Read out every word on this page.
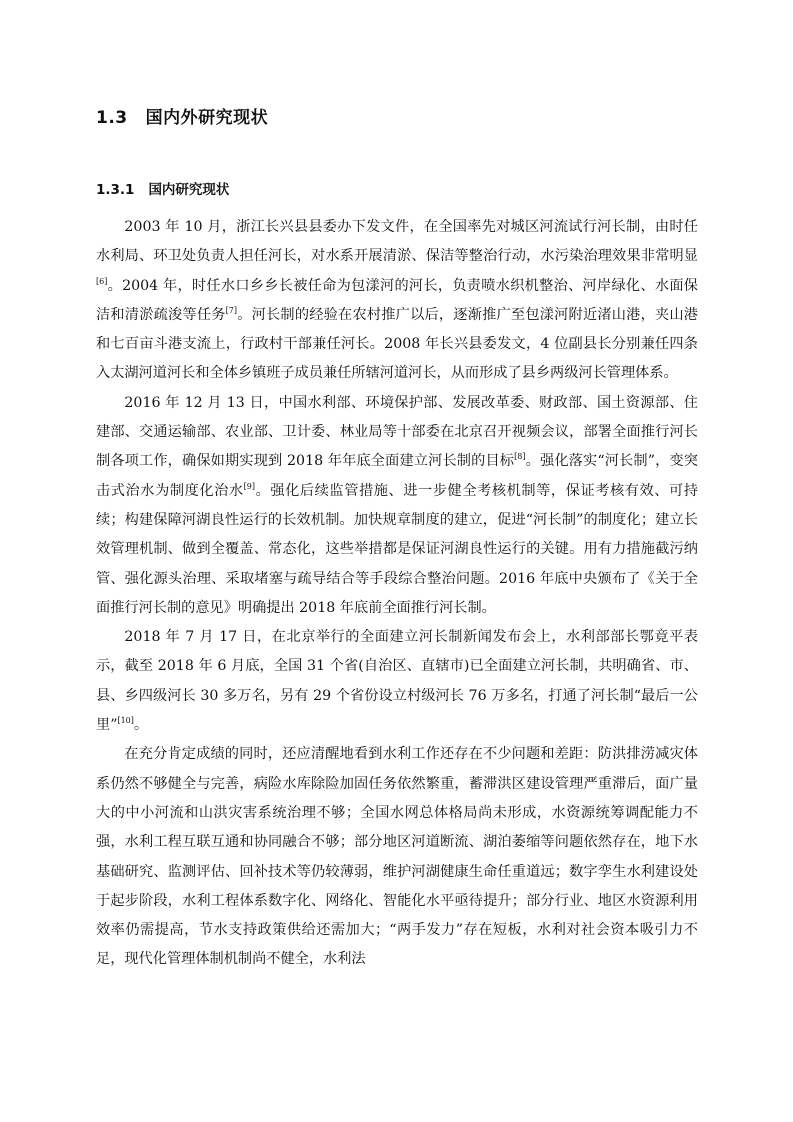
1.3 国内外研究现状
1.3.1 国内研究现状

2003 年 10 月，浙江长兴县县委办下发文件，在全国率先对城区河流试行河长制，由时任水利局、环卫处负责人担任河长，对水系开展清淤、保洁等整治行动，水污染治理效果非常明显[6]。2004 年，时任水口乡乡长被任命为包漾河的河长，负责喷水织机整治、河岸绿化、水面保洁和清淤疏浚等任务[7]。河长制的经验在农村推广以后，逐渐推广至包漾河附近渚山港，夹山港和七百亩斗港支流上，行政村干部兼任河长。2008 年长兴县委发文，4 位副县长分别兼任四条入太湖河道河长和全体乡镇班子成员兼任所辖河道河长，从而形成了县乡两级河长管理体系。

2016 年 12 月 13 日，中国水利部、环境保护部、发展改革委、财政部、国土资源部、住建部、交通运输部、农业部、卫计委、林业局等十部委在北京召开视频会议，部署全面推行河长制各项工作，确保如期实现到 2018 年年底全面建立河长制的目标[8]。强化落实“河长制”，变突击式治水为制度化治水[9]。强化后续监管措施、进一步健全考核机制等，保证考核有效、可持续；构建保障河湖良性运行的长效机制。加快规章制度的建立，促进“河长制”的制度化；建立长效管理机制、做到全覆盖、常态化，这些举措都是保证河湖良性运行的关键。用有力措施截污纳管、强化源头治理、采取堵塞与疏导结合等手段综合整治问题。2016 年底中央颁布了《关于全面推行河长制的意见》明确提出 2018 年底前全面推行河长制。

2018 年 7 月 17 日，在北京举行的全面建立河长制新闻发布会上，水利部部长鄂竟平表示，截至 2018 年 6 月底，全国 31 个省(自治区、直辖市)已全面建立河长制，共明确省、市、县、乡四级河长 30 多万名，另有 29 个省份设立村级河长 76 万多名，打通了河长制“最后一公里”[10]。

在充分肯定成绩的同时，还应清醒地看到水利工作还存在不少问题和差距：防洪排涝减灾体系仍然不够健全与完善，病险水库除险加固任务依然繁重，蓄滞洪区建设管理严重滞后，面广量大的中小河流和山洪灾害系统治理不够；全国水网总体格局尚未形成，水资源统筹调配能力不强，水利工程互联互通和协同融合不够；部分地区河道断流、湖泊萎缩等问题依然存在，地下水基础研究、监测评估、回补技术等仍较薄弱，维护河湖健康生命任重道远；数字孪生水利建设处于起步阶段，水利工程体系数字化、网络化、智能化水平亟待提升；部分行业、地区水资源利用效率仍需提高，节水支持政策供给还需加大；“两手发力”存在短板，水利对社会资本吸引力不足，现代化管理体制机制尚不健全，水利法
